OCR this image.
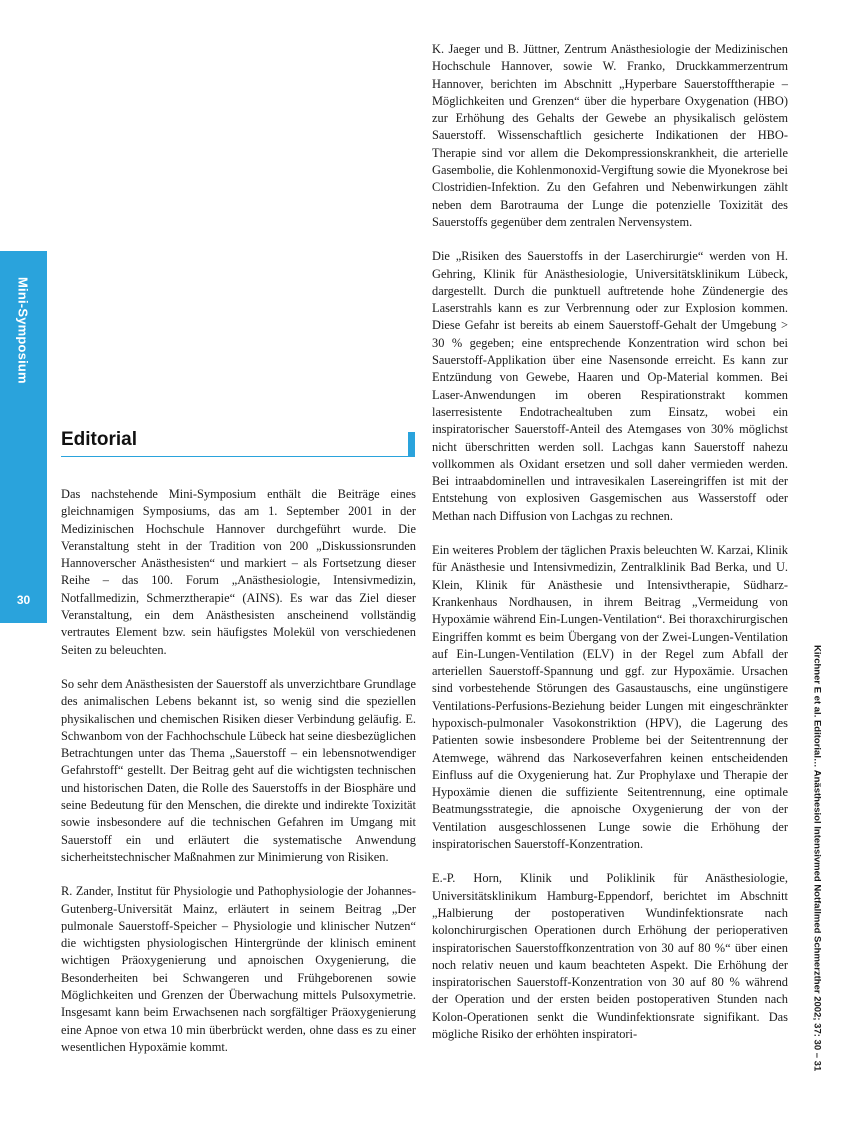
Mini-Symposium
30
Editorial

Das nachstehende Mini-Symposium enthält die Beiträge eines gleichnamigen Symposiums, das am 1. September 2001 in der Medizinischen Hochschule Hannover durchgeführt wurde. Die Veranstaltung steht in der Tradition von 200 „Diskussionsrunden Hannoverscher Anästhesisten“ und markiert – als Fortsetzung dieser Reihe – das 100. Forum „Anästhesiologie, Intensivmedizin, Notfallmedizin, Schmerztherapie“ (AINS). Es war das Ziel dieser Veranstaltung, ein dem Anästhesisten anscheinend vollständig vertrautes Element bzw. sein häufigstes Molekül von verschiedenen Seiten zu beleuchten.

So sehr dem Anästhesisten der Sauerstoff als unverzichtbare Grundlage des animalischen Lebens bekannt ist, so wenig sind die speziellen physikalischen und chemischen Risiken dieser Verbindung geläufig. E. Schwanbom von der Fachhochschule Lübeck hat seine diesbezüglichen Betrachtungen unter das Thema „Sauerstoff – ein lebensnotwendiger Gefahrstoff“ gestellt. Der Beitrag geht auf die wichtigsten technischen und historischen Daten, die Rolle des Sauerstoffs in der Biosphäre und seine Bedeutung für den Menschen, die direkte und indirekte Toxizität sowie insbesondere auf die technischen Gefahren im Umgang mit Sauerstoff ein und erläutert die systematische Anwendung sicherheitstechnischer Maßnahmen zur Minimierung von Risiken.

R. Zander, Institut für Physiologie und Pathophysiologie der Johannes-Gutenberg-Universität Mainz, erläutert in seinem Beitrag „Der pulmonale Sauerstoff-Speicher – Physiologie und klinischer Nutzen“ die wichtigsten physiologischen Hintergründe der klinisch eminent wichtigen Präoxygenierung und apnoischen Oxygenierung, die Besonderheiten bei Schwangeren und Frühgeborenen sowie Möglichkeiten und Grenzen der Überwachung mittels Pulsoxymetrie. Insgesamt kann beim Erwachsenen nach sorgfältiger Präoxygenierung eine Apnoe von etwa 10 min überbrückt werden, ohne dass es zu einer wesentlichen Hypoxämie kommt.

K. Jaeger und B. Jüttner, Zentrum Anästhesiologie der Medizinischen Hochschule Hannover, sowie W. Franko, Druckkammerzentrum Hannover, berichten im Abschnitt „Hyperbare Sauerstofftherapie – Möglichkeiten und Grenzen“ über die hyperbare Oxygenation (HBO) zur Erhöhung des Gehalts der Gewebe an physikalisch gelöstem Sauerstoff. Wissenschaftlich gesicherte Indikationen der HBO-Therapie sind vor allem die Dekompressionskrankheit, die arterielle Gasembolie, die Kohlenmonoxid-Vergiftung sowie die Myonekrose bei Clostridien-Infektion. Zu den Gefahren und Nebenwirkungen zählt neben dem Barotrauma der Lunge die potenzielle Toxizität des Sauerstoffs gegenüber dem zentralen Nervensystem.

Die „Risiken des Sauerstoffs in der Laserchirurgie“ werden von H. Gehring, Klinik für Anästhesiologie, Universitätsklinikum Lübeck, dargestellt. Durch die punktuell auftretende hohe Zündenergie des Laserstrahls kann es zur Verbrennung oder zur Explosion kommen. Diese Gefahr ist bereits ab einem Sauerstoff-Gehalt der Umgebung > 30 % gegeben; eine entsprechende Konzentration wird schon bei Sauerstoff-Applikation über eine Nasensonde erreicht. Es kann zur Entzündung von Gewebe, Haaren und Op-Material kommen. Bei Laser-Anwendungen im oberen Respirationstrakt kommen laserresistente Endotrachealtuben zum Einsatz, wobei ein inspiratorischer Sauerstoff-Anteil des Atemgases von 30% möglichst nicht überschritten werden soll. Lachgas kann Sauerstoff nahezu vollkommen als Oxidant ersetzen und soll daher vermieden werden. Bei intraabdominellen und intravesikalen Lasereingriffen ist mit der Entstehung von explosiven Gasgemischen aus Wasserstoff oder Methan nach Diffusion von Lachgas zu rechnen.

Ein weiteres Problem der täglichen Praxis beleuchten W. Karzai, Klinik für Anästhesie und Intensivmedizin, Zentralklinik Bad Berka, und U. Klein, Klinik für Anästhesie und Intensivtherapie, Südharz-Krankenhaus Nordhausen, in ihrem Beitrag „Vermeidung von Hypoxämie während Ein-Lungen-Ventilation“. Bei thoraxchirurgischen Eingriffen kommt es beim Übergang von der Zwei-Lungen-Ventilation auf Ein-Lungen-Ventilation (ELV) in der Regel zum Abfall der arteriellen Sauerstoff-Spannung und ggf. zur Hypoxämie. Ursachen sind vorbestehende Störungen des Gasaustauschs, eine ungünstigere Ventilations-Perfusions-Beziehung beider Lungen mit eingeschränkter hypoxisch-pulmonaler Vasokonstriktion (HPV), die Lagerung des Patienten sowie insbesondere Probleme bei der Seitentrennung der Atemwege, während das Narkoseverfahren keinen entscheidenden Einfluss auf die Oxygenierung hat. Zur Prophylaxe und Therapie der Hypoxämie dienen die suffiziente Seitentrennung, eine optimale Beatmungsstrategie, die apnoische Oxygenierung der von der Ventilation ausgeschlossenen Lunge sowie die Erhöhung der inspiratorischen Sauerstoff-Konzentration.

E.-P. Horn, Klinik und Poliklinik für Anästhesiologie, Universitätsklinikum Hamburg-Eppendorf, berichtet im Abschnitt „Halbierung der postoperativen Wundinfektionsrate nach kolonchirurgischen Operationen durch Erhöhung der perioperativen inspiratorischen Sauerstoffkonzentration von 30 auf 80 %“ über einen noch relativ neuen und kaum beachteten Aspekt. Die Erhöhung der inspiratorischen Sauerstoff-Konzentration von 30 auf 80 % während der Operation und der ersten beiden postoperativen Stunden nach Kolon-Operationen senkt die Wundinfektionsrate signifikant. Das mögliche Risiko der erhöhten inspiratori-	Kirchner E et al. Editorial… Anästhesiol Intensivmed Notfallmed Schmerzther 2002; 37: 30 – 31
